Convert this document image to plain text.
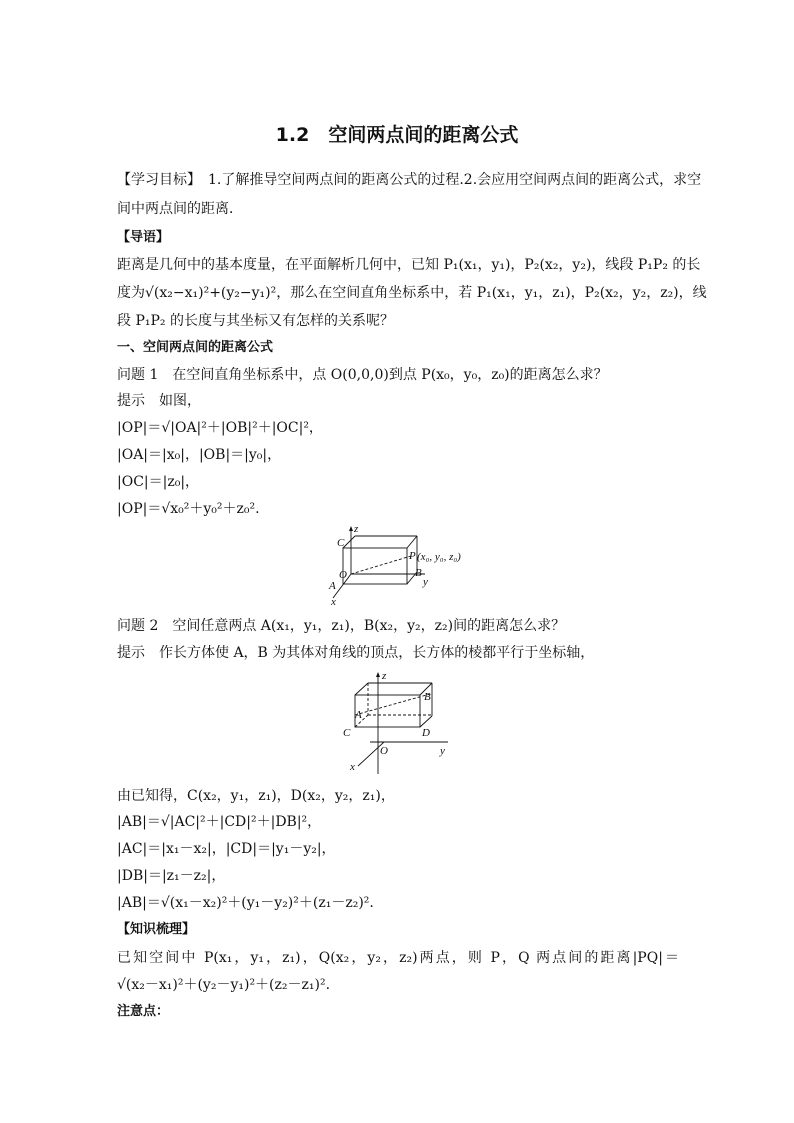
1.2　空间两点间的距离公式
【学习目标】　1.了解推导空间两点间的距离公式的过程.2.会应用空间两点间的距离公式，求空
间中两点间的距离．
【导语】
距离是几何中的基本度量，在平面解析几何中，已知 P₁(x₁，y₁)，P₂(x₂，y₂)，线段 P₁P₂ 的长
度为√(x₂−x₁)²+(y₂−y₁)²，那么在空间直角坐标系中，若 P₁(x₁，y₁，z₁)，P₂(x₂，y₂，z₂)，线
段 P₁P₂ 的长度与其坐标又有怎样的关系呢？
一、空间两点间的距离公式
问题 1　在空间直角坐标系中，点 O(0,0,0)到点 P(x₀，y₀，z₀)的距离怎么求？
提示　如图，
|OP|＝√|OA|²＋|OB|²＋|OC|²，
|OA|＝|x₀|，|OB|＝|y₀|，
|OC|＝|z₀|，
|OP|＝√x₀²＋y₀²＋z₀².
z
C
O
A
x
B
y
P (x₀, y₀, z₀)
问题 2　空间任意两点 A(x₁，y₁，z₁)，B(x₂，y₂，z₂)间的距离怎么求？
提示　作长方体使 A，B 为其体对角线的顶点，长方体的棱都平行于坐标轴，
z
B
A
C	D
O	y
x
由已知得，C(x₂，y₁，z₁)，D(x₂，y₂，z₁)，
|AB|＝√|AC|²＋|CD|²＋|DB|²，
|AC|＝|x₁－x₂|，|CD|＝|y₁－y₂|，
|DB|＝|z₁－z₂|，
|AB|＝√(x₁－x₂)²＋(y₁－y₂)²＋(z₁－z₂)².
【知识梳理】
已知空间中 P(x₁，y₁，z₁)，Q(x₂，y₂，z₂)两点，则 P，Q 两点间的距离|PQ|＝
√(x₂－x₁)²＋(y₂－y₁)²＋(z₂－z₁)².
注意点：
